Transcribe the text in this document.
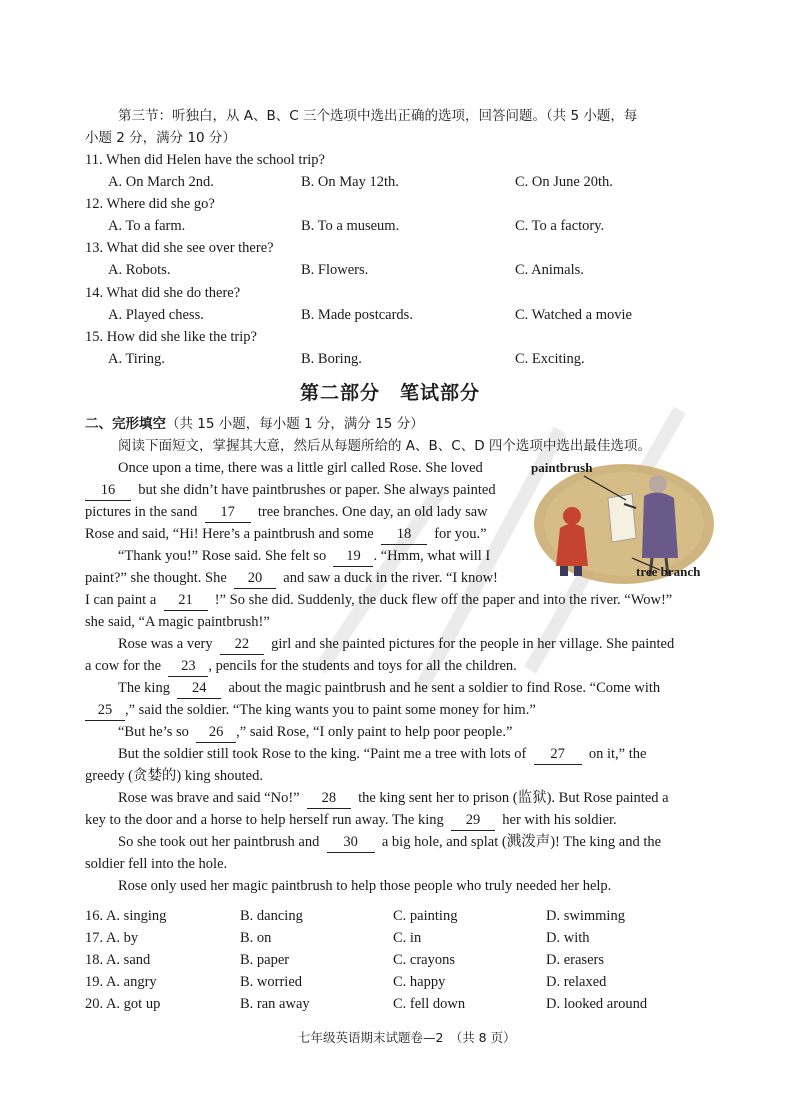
第三节：听独白，从 A、B、C 三个选项中选出正确的选项，回答问题。（共 5 小题，每
小题 2 分，满分 10 分）
11. When did Helen have the school trip?
A. On March 2nd.	B. On May 12th.	C. On June 20th.
12. Where did she go?
A. To a farm.	B. To a museum.	C. To a factory.
13. What did she see over there?
A. Robots.	B. Flowers.	C. Animals.
14. What did she do there?
A. Played chess.	B. Made postcards.	C. Watched a movie
15. How did she like the trip?
A. Tiring.	B. Boring.	C. Exciting.
第二部分　笔试部分
二、完形填空（共 15 小题，每小题 1 分，满分 15 分）
阅读下面短文，掌握其大意，然后从每题所给的 A、B、C、D 四个选项中选出最佳选项。
paintbrush
tree branch
Once upon a time, there was a little girl called Rose. She loved
16 but she didn’t have paintbrushes or paper. She always painted
pictures in the sand 17 tree branches. One day, an old lady saw
Rose and said, “Hi! Here’s a paintbrush and some 18 for you.”
“Thank you!” Rose said. She felt so 19 . “Hmm, what will I
paint?” she thought. She 20 and saw a duck in the river. “I know!
I can paint a 21 !” So she did. Suddenly, the duck flew off the paper and into the river. “Wow!”
she said, “A magic paintbrush!”
Rose was a very 22 girl and she painted pictures for the people in her village. She painted
a cow for the 23 , pencils for the students and toys for all the children.
The king 24 about the magic paintbrush and he sent a soldier to find Rose. “Come with
25 ,” said the soldier. “The king wants you to paint some money for him.”
“But he’s so 26 ,” said Rose, “I only paint to help poor people.”
But the soldier still took Rose to the king. “Paint me a tree with lots of 27 on it,” the
greedy (贪婪的) king shouted.
Rose was brave and said “No!” 28 the king sent her to prison (监狱). But Rose painted a
key to the door and a horse to help herself run away. The king 29 her with his soldier.
So she took out her paintbrush and 30 a big hole, and splat (溅泼声)! The king and the
soldier fell into the hole.
Rose only used her magic paintbrush to help those people who truly needed her help.
16. A. singing	B. dancing	C. painting	D. swimming
17. A. by	B. on	C. in	D. with
18. A. sand	B. paper	C. crayons	D. erasers
19. A. angry	B. worried	C. happy	D. relaxed
20. A. got up	B. ran away	C. fell down	D. looked around
七年级英语期末试题卷—2　（共 8 页）
